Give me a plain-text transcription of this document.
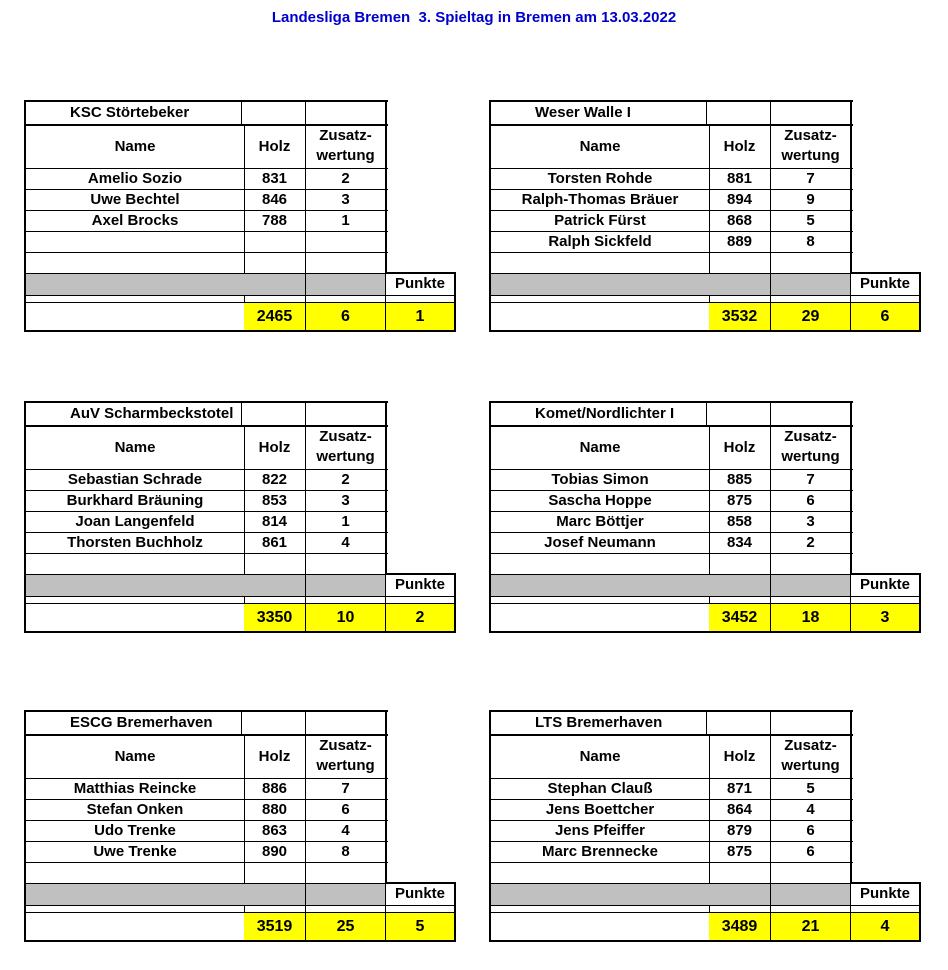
Landesliga Bremen  3. Spieltag in Bremen am 13.03.2022
KSC Störtebeker
Name	Holz
Zusatz-
wertung
Amelio Sozio	831	2
Uwe Bechtel	846	3
Axel Brocks	788	1
Punkte
2465	6	1
Weser Walle I
Name	Holz
Zusatz-
wertung
Torsten Rohde	881	7
Ralph-Thomas Bräuer	894	9
Patrick Fürst	868	5
Ralph Sickfeld	889	8
Punkte
3532	29	6
AuV Scharmbeckstotel
Name	Holz
Zusatz-
wertung
Sebastian Schrade	822	2
Burkhard Bräuning	853	3
Joan Langenfeld	814	1
Thorsten Buchholz	861	4
Punkte
3350	10	2
Komet/Nordlichter I
Name	Holz
Zusatz-
wertung
Tobias Simon	885	7
Sascha Hoppe	875	6
Marc Böttjer	858	3
Josef Neumann	834	2
Punkte
3452	18	3
ESCG Bremerhaven
Name	Holz
Zusatz-
wertung
Matthias Reincke	886	7
Stefan Onken	880	6
Udo Trenke	863	4
Uwe Trenke	890	8
Punkte
3519	25	5
LTS Bremerhaven
Name	Holz
Zusatz-
wertung
Stephan Clauß	871	5
Jens Boettcher	864	4
Jens Pfeiffer	879	6
Marc Brennecke	875	6
Punkte
3489	21	4
